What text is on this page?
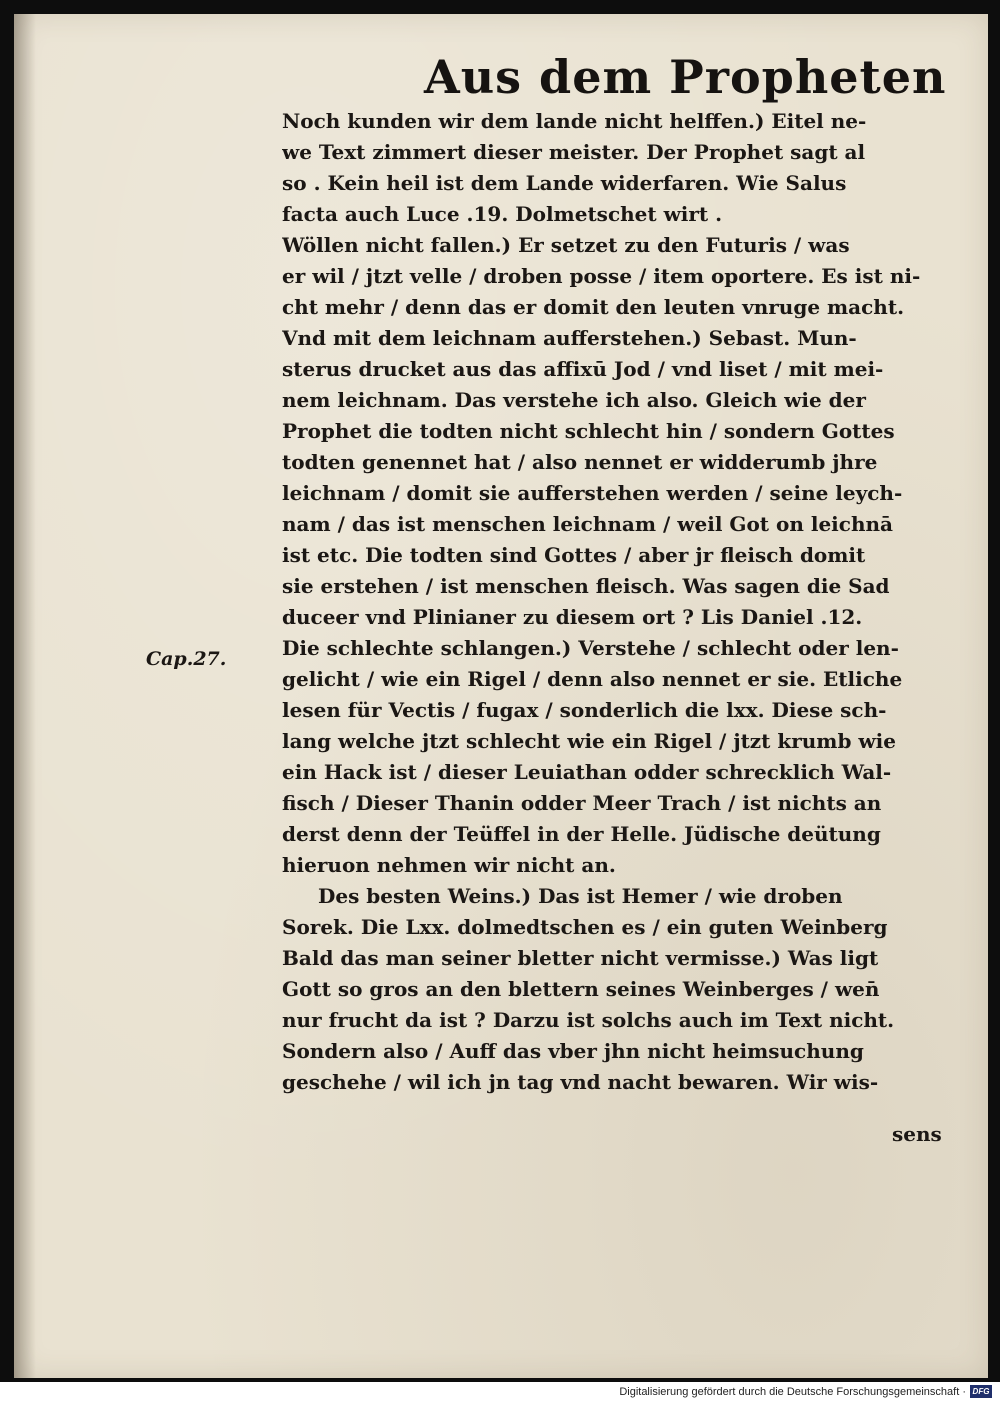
Aus dem Propheten
Cap.27.
Noch kunden wir dem lande nicht helffen.) Eitel ne-
we Text zimmert dieser meister. Der Prophet sagt al
so . Kein heil ist dem Lande widerfaren. Wie Salus
facta auch Luce .19. Dolmetschet wirt .
Wöllen nicht fallen.) Er setzet zu den Futuris / was
er wil / jtzt velle / droben posse / item oportere. Es ist ni-
cht mehr / denn das er domit den leuten vnruge macht.
Vnd mit dem leichnam aufferstehen.) Sebast. Mun-
sterus drucket aus das affixū Jod / vnd liset / mit mei-
nem leichnam. Das verstehe ich also. Gleich wie der
Prophet die todten nicht schlecht hin / sondern Gottes
todten genennet hat / also nennet er widderumb jhre
leichnam / domit sie aufferstehen werden / seine leych-
nam / das ist menschen leichnam / weil Got on leichnā
ist etc. Die todten sind Gottes / aber jr fleisch domit
sie erstehen / ist menschen fleisch. Was sagen die Sad
duceer vnd Plinianer zu diesem ort ? Lis Daniel .12.
Die schlechte schlangen.) Verstehe / schlecht oder len-
gelicht / wie ein Rigel / denn also nennet er sie. Etliche
lesen für Vectis / fugax / sonderlich die lxx. Diese sch-
lang welche jtzt schlecht wie ein Rigel / jtzt krumb wie
ein Hack ist / dieser Leuiathan odder schrecklich Wal-
fisch / Dieser Thanin odder Meer Trach / ist nichts an
derst denn der Teüffel in der Helle. Jüdische deütung
hieruon nehmen wir nicht an.
Des besten Weins.) Das ist Hemer / wie droben
Sorek. Die Lxx. dolmedtschen es / ein guten Weinberg
Bald das man seiner bletter nicht vermisse.) Was ligt
Gott so gros an den blettern seines Weinberges / wen̄
nur frucht da ist ? Darzu ist solchs auch im Text nicht.
Sondern also / Auff das vber jhn nicht heimsuchung
geschehe / wil ich jn tag vnd nacht bewaren. Wir wis-
sens
Digitalisierung gefördert durch die Deutsche Forschungsgemeinschaft · DFG
